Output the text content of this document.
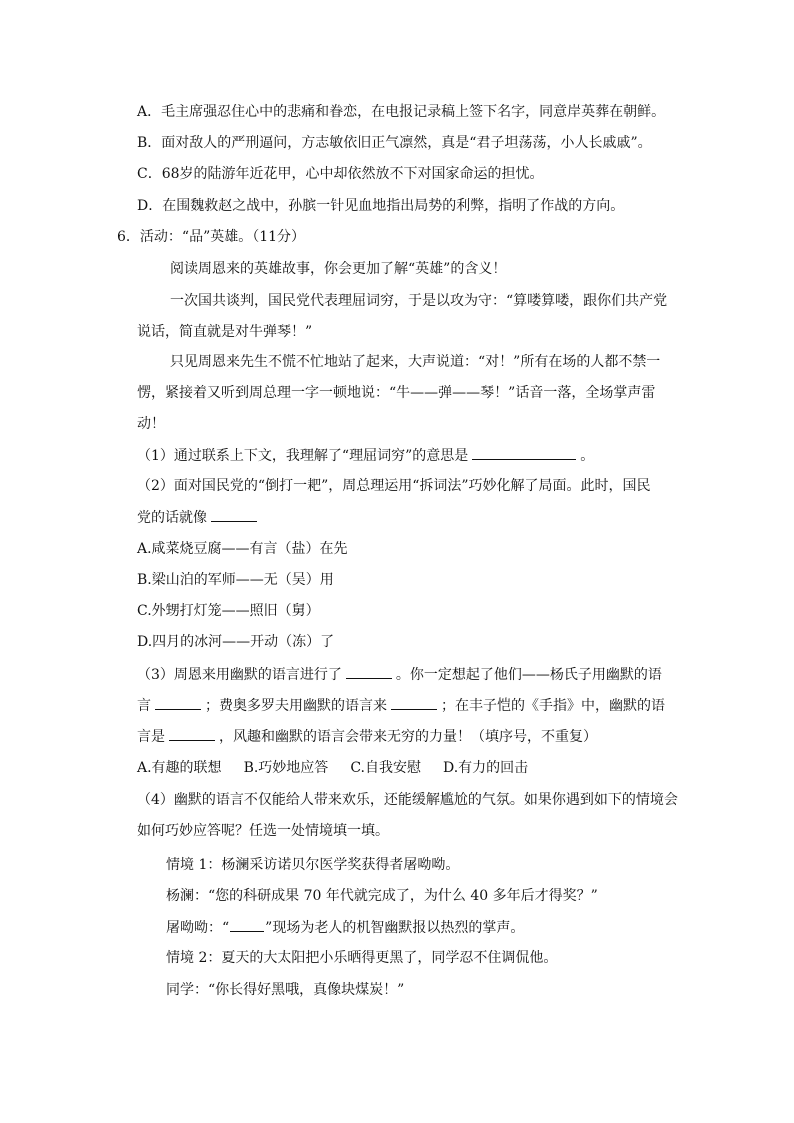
A．毛主席强忍住心中的悲痛和眷恋，在电报记录稿上签下名字，同意岸英葬在朝鲜。
B．面对敌人的严刑逼问，方志敏依旧正气凛然，真是“君子坦荡荡，小人长戚戚”。
C．68岁的陆游年近花甲，心中却依然放不下对国家命运的担忧。
D．在围魏救赵之战中，孙膑一针见血地指出局势的利弊，指明了作战的方向。
6．活动：“品”英雄。（11分）
阅读周恩来的英雄故事，你会更加了解“英雄”的含义！
一次国共谈判，国民党代表理屈词穷，于是以攻为守：“算喽算喽，跟你们共产党
说话，简直就是对牛弹琴！”
只见周恩来先生不慌不忙地站了起来，大声说道：“对！”所有在场的人都不禁一
愣，紧接着又听到周总理一字一顿地说：“牛——弹——琴！”话音一落，全场掌声雷
动！
（1）通过联系上下文，我理解了“理屈词穷”的意思是	。
（2）面对国民党的“倒打一耙”，周总理运用“拆词法”巧妙化解了局面。此时，国民
党的话就像
A.咸菜烧豆腐——有言（盐）在先
B.梁山泊的军师——无（吴）用
C.外甥打灯笼——照旧（舅）
D.四月的冰河——开动（冻）了
（3）周恩来用幽默的语言进行了	。你一定想起了他们——杨氏子用幽默的语
言	；费奥多罗夫用幽默的语言来	；在丰子恺的《手指》中，幽默的语
言是	，风趣和幽默的语言会带来无穷的力量！（填序号，不重复）
A.有趣的联想 B.巧妙地应答 C.自我安慰 D.有力的回击
（4）幽默的语言不仅能给人带来欢乐，还能缓解尴尬的气氛。如果你遇到如下的情境会
如何巧妙应答呢？任选一处情境填一填。
情境 1：杨澜采访诺贝尔医学奖获得者屠呦呦。
杨澜：“您的科研成果 70 年代就完成了，为什么 40 多年后才得奖？”
屠呦呦：“	”现场为老人的机智幽默报以热烈的掌声。
情境 2：夏天的大太阳把小乐晒得更黑了，同学忍不住调侃他。
同学：“你长得好黑哦，真像块煤炭！”
